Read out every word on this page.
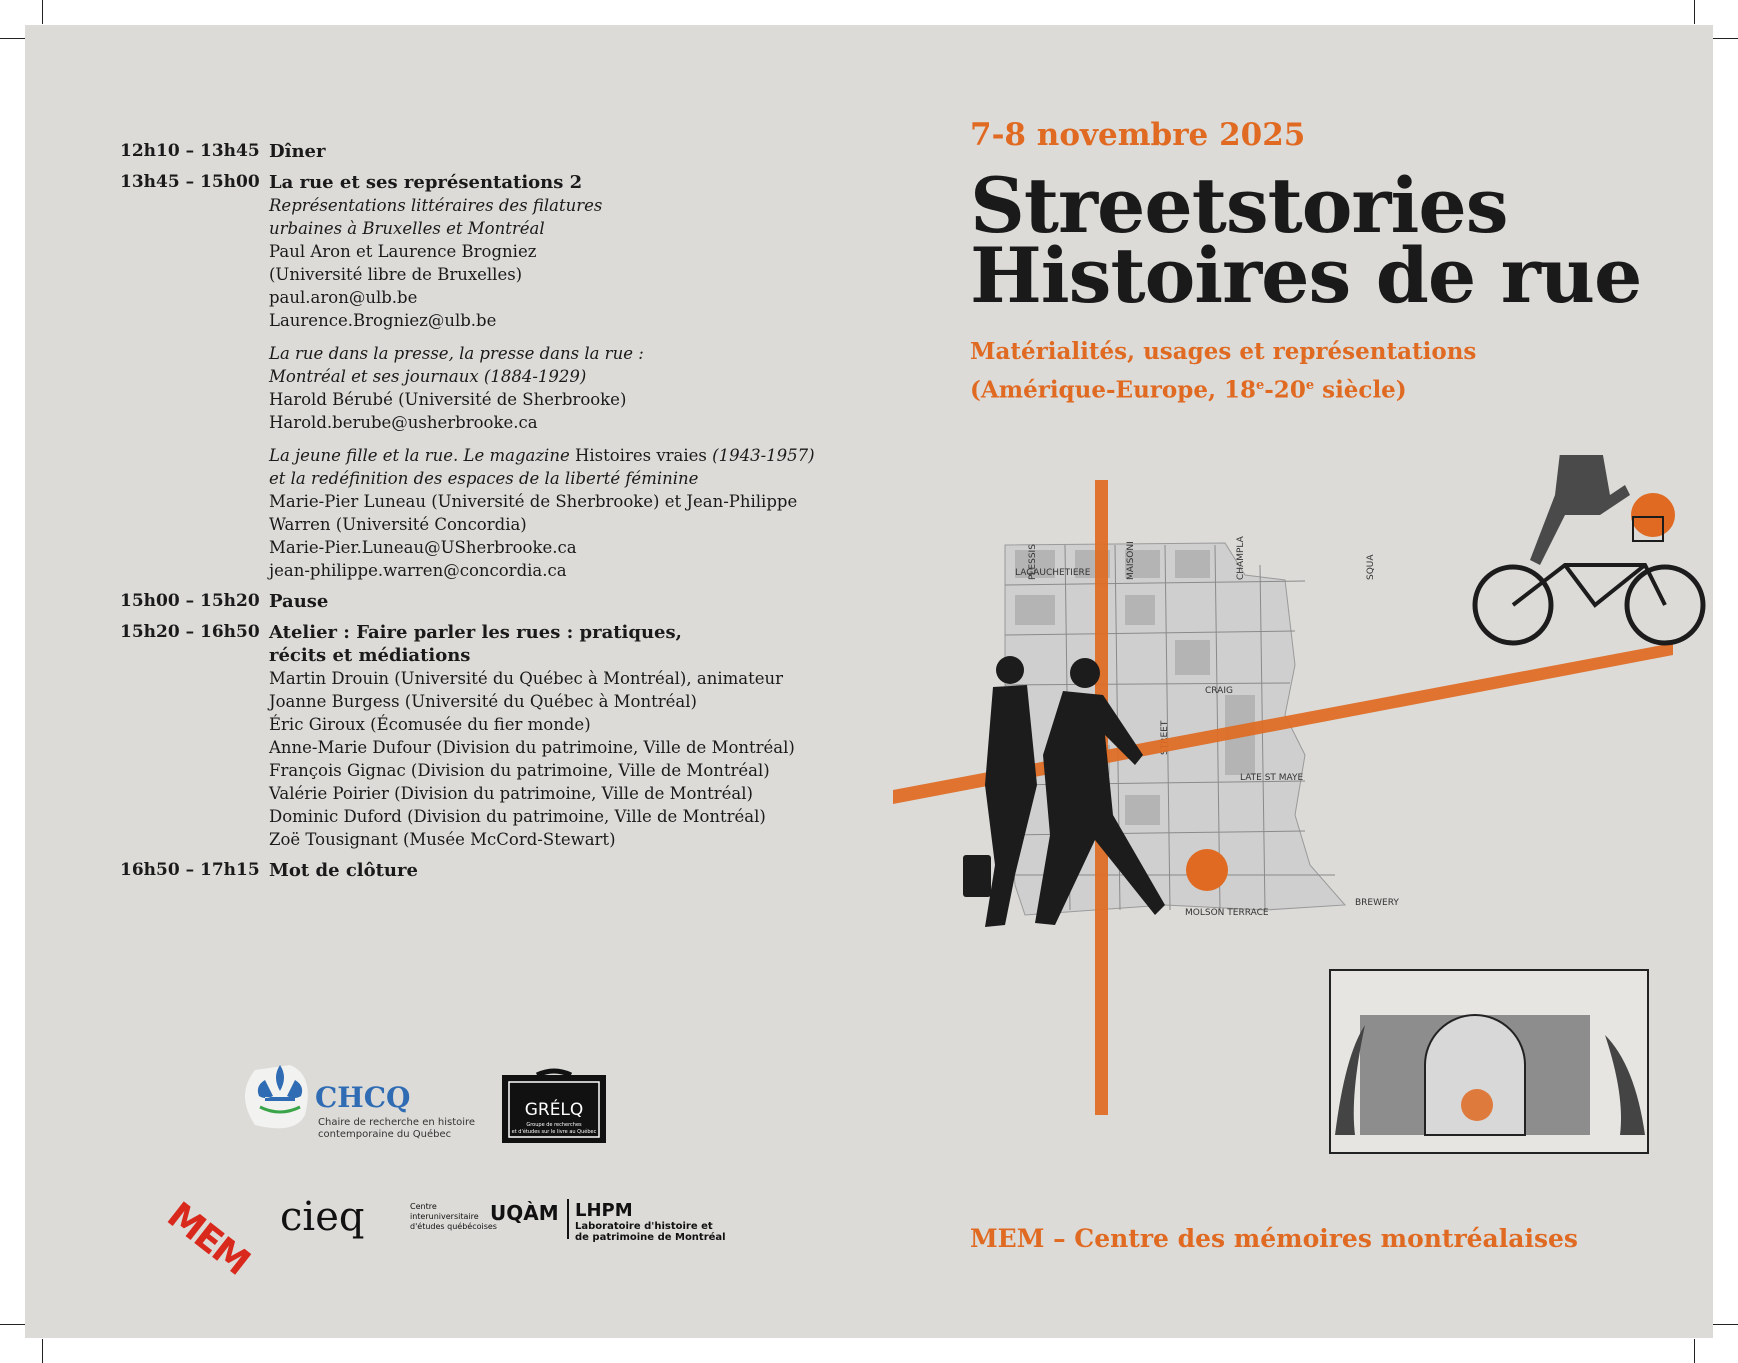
12h10 – 13h45 Dîner
13h45 – 15h00 La rue et ses représentations 2
Représentations littéraires des filatures
urbaines à Bruxelles et Montréal
Paul Aron et Laurence Brogniez
(Université libre de Bruxelles)
paul.aron@ulb.be
Laurence.Brogniez@ulb.be
La rue dans la presse, la presse dans la rue :
Montréal et ses journaux (1884-1929)
Harold Bérubé (Université de Sherbrooke)
Harold.berube@usherbrooke.ca
La jeune fille et la rue. Le magazine Histoires vraies (1943-1957)
et la redéfinition des espaces de la liberté féminine
Marie-Pier Luneau (Université de Sherbrooke) et Jean-Philippe
Warren (Université Concordia)
Marie-Pier.Luneau@USherbrooke.ca
jean-philippe.warren@concordia.ca
15h00 – 15h20 Pause
15h20 – 16h50 Atelier : Faire parler les rues : pratiques,
récits et médiations
Martin Drouin (Université du Québec à Montréal), animateur
Joanne Burgess (Université du Québec à Montréal)
Éric Giroux (Écomusée du fier monde)
Anne-Marie Dufour (Division du patrimoine, Ville de Montréal)
François Gignac (Division du patrimoine, Ville de Montréal)
Valérie Poirier (Division du patrimoine, Ville de Montréal)
Dominic Duford (Division du patrimoine, Ville de Montréal)
Zoë Tousignant (Musée McCord-Stewart)
16h50 – 17h15 Mot de clôture
CHCQ
Chaire de recherche en histoire
contemporaine du Québec
GRÉLQ
Groupe de recherches
et d'études sur le livre au Québec
MEM cieq	Centre
interuniversitaire
d'études québécoises
UQÀM LHPM
Laboratoire d'histoire et
de patrimoine de Montréal
7-8 novembre 2025
Streetstories
Histoires de rue
Matérialités, usages et représentations
(Amérique-Europe, 18e-20e siècle)
LAGAUCHETIERE
CRAIG
PLESSIS	MAISONI	CHAMPLA	SQUA
BREWERY
MOLSON TERRACE
STREET
LATE ST MAYE
MEM – Centre des mémoires montréalaises
